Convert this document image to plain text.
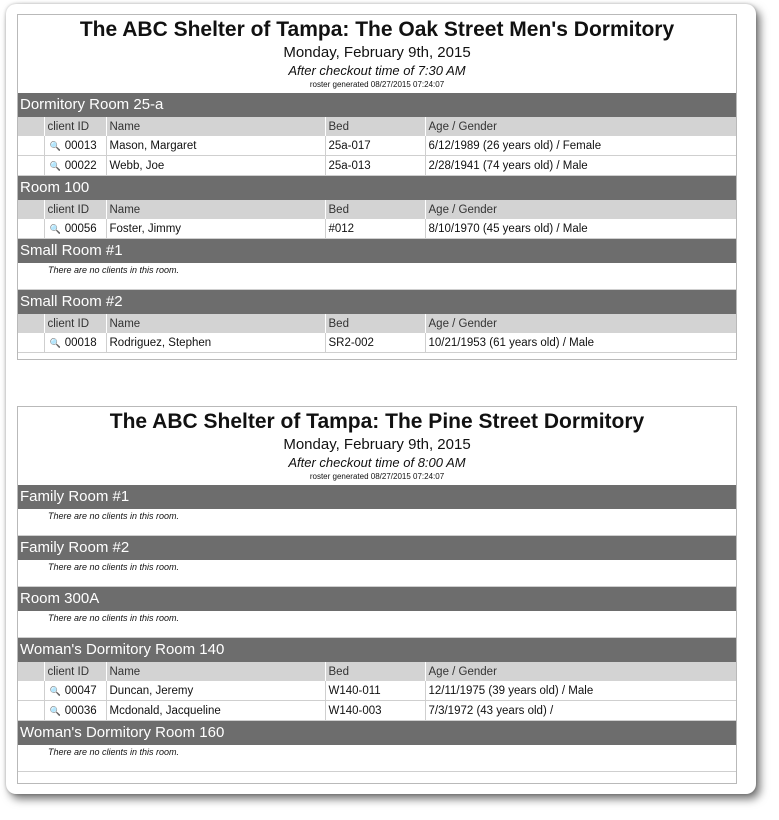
The ABC Shelter of Tampa: The Oak Street Men's Dormitory
Monday, February 9th, 2015
After checkout time of 7:30 AM
roster generated 08/27/2015 07:24:07
Dormitory Room 25-a
	client ID	Name	Bed	Age / Gender
	🔍 00013	Mason, Margaret	25a-017	6/12/1989 (26 years old) / Female
	🔍 00022	Webb, Joe	25a-013	2/28/1941 (74 years old) / Male
Room 100
	client ID	Name	Bed	Age / Gender
	🔍 00056	Foster, Jimmy	#012	8/10/1970 (45 years old) / Male
Small Room #1
There are no clients in this room.
Small Room #2
	client ID	Name	Bed	Age / Gender
	🔍 00018	Rodriguez, Stephen	SR2-002	10/21/1953 (61 years old) / Male
The ABC Shelter of Tampa: The Pine Street Dormitory
Monday, February 9th, 2015
After checkout time of 8:00 AM
roster generated 08/27/2015 07:24:07
Family Room #1
There are no clients in this room.
Family Room #2
There are no clients in this room.
Room 300A
There are no clients in this room.
Woman's Dormitory Room 140
	client ID	Name	Bed	Age / Gender
	🔍 00047	Duncan, Jeremy	W140-011	12/11/1975 (39 years old) / Male
	🔍 00036	Mcdonald, Jacqueline	W140-003	7/3/1972 (43 years old) /
Woman's Dormitory Room 160
There are no clients in this room.
